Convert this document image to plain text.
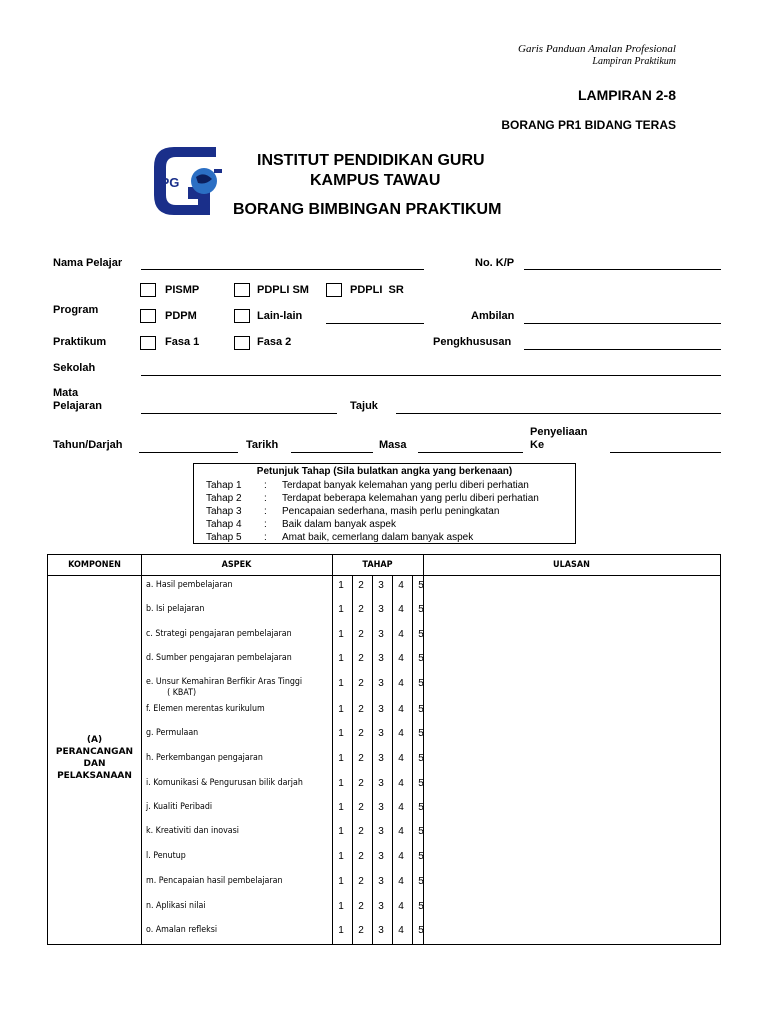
Garis Panduan Amalan Profesional
Lampiran Praktikum
LAMPIRAN 2-8
BORANG PR1 BIDANG TERAS
IPG
INSTITUT PENDIDIKAN GURU
KAMPUS TAWAU
BORANG BIMBINGAN PRAKTIKUM
Nama Pelajar	No. K/P
PISMP	PDPLI SM	PDPLI  SR
Program	PDPM	Lain-lain	Ambilan
Praktikum	Fasa 1	Fasa 2	Pengkhususan
Sekolah
Mata
Pelajaran	Tajuk
Tahun/Darjah	Tarikh	Masa
Penyeliaan
Ke
Petunjuk Tahap (Sila bulatkan angka yang berkenaan)
Tahap 1 : Terdapat banyak kelemahan yang perlu diberi perhatian
Tahap 2 : Terdapat beberapa kelemahan yang perlu diberi perhatian
Tahap 3 : Pencapaian sederhana, masih perlu peningkatan
Tahap 4 : Baik dalam banyak aspek
Tahap 5 : Amat baik, cemerlang dalam banyak aspek
KOMPONEN	ASPEK	TAHAP	ULASAN
(A)
PERANCANGAN
DAN
PELAKSANAAN
a. Hasil pembelajaran	1	2	3	4	5
b. Isi pelajaran	1	2	3	4	5
c. Strategi pengajaran pembelajaran	1	2	3	4	5
d. Sumber pengajaran pembelajaran	1	2	3	4	5
e. Unsur Kemahiran Berfikir Aras Tinggi
( KBAT)
1	2	3	4	5
f. Elemen merentas kurikulum	1	2	3	4	5
g. Permulaan	1	2	3	4	5
h. Perkembangan pengajaran	1	2	3	4	5
i. Komunikasi & Pengurusan bilik darjah	1	2	3	4	5
j. Kualiti Peribadi	1	2	3	4	5
k. Kreativiti dan inovasi	1	2	3	4	5
l. Penutup	1	2	3	4	5
m. Pencapaian hasil pembelajaran	1	2	3	4	5
n. Aplikasi nilai	1	2	3	4	5
o. Amalan refleksi	1	2	3	4	5
